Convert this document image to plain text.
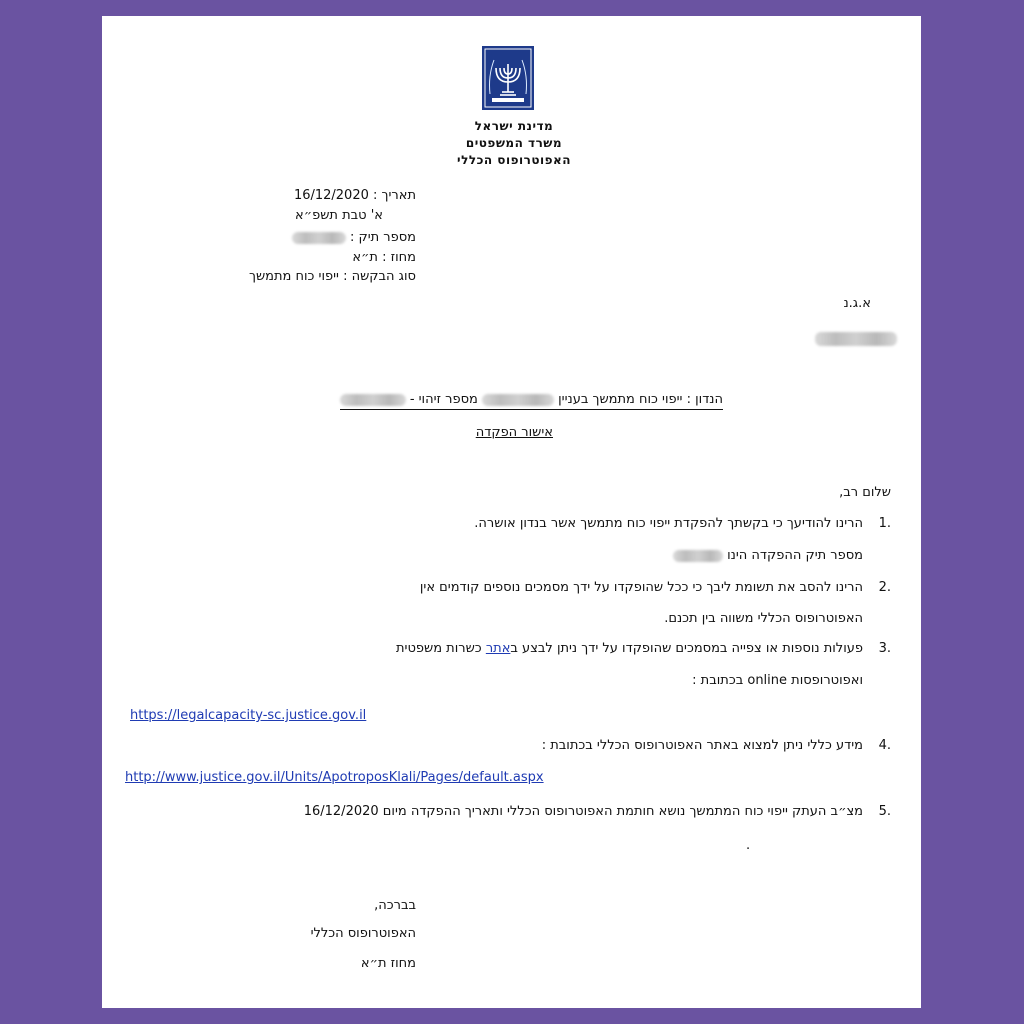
מדינת ישראל
משרד המשפטים
האפוטרופוס הכללי
תאריך : 16/12/2020
א' טבת תשפ״א
מספר תיק :
מחוז : ת״א
סוג הבקשה : ייפוי כוח מתמשך
א.ג.נ
הנדון : ייפוי כוח מתמשך בעניין  מספר זיהוי -
אישור הפקדה
שלום רב,
.1
הרינו להודיעך כי בקשתך להפקדת ייפוי כוח מתמשך אשר בנדון אושרה.
מספר תיק ההפקדה הינו
.2
הרינו להסב את תשומת ליבך כי ככל שהופקדו על ידך מסמכים נוספים קודמים אין
האפוטרופוס הכללי משווה בין תכנם.
.3
פעולות נוספות או צפייה במסמכים שהופקדו על ידך ניתן לבצע באתר כשרות משפטית
ואפוטרופסות online בכתובת :
https://legalcapacity-sc.justice.gov.il
.4
מידע כללי ניתן למצוא באתר האפוטרופוס הכללי בכתובת :
http://www.justice.gov.il/Units/ApotroposKlali/Pages/default.aspx
.5
מצ״ב העתק ייפוי כוח המתמשך נושא חותמת האפוטרופוס הכללי ותאריך ההפקדה מיום 16/12/2020
.
בברכה,
האפוטרופוס הכללי
מחוז ת״א
